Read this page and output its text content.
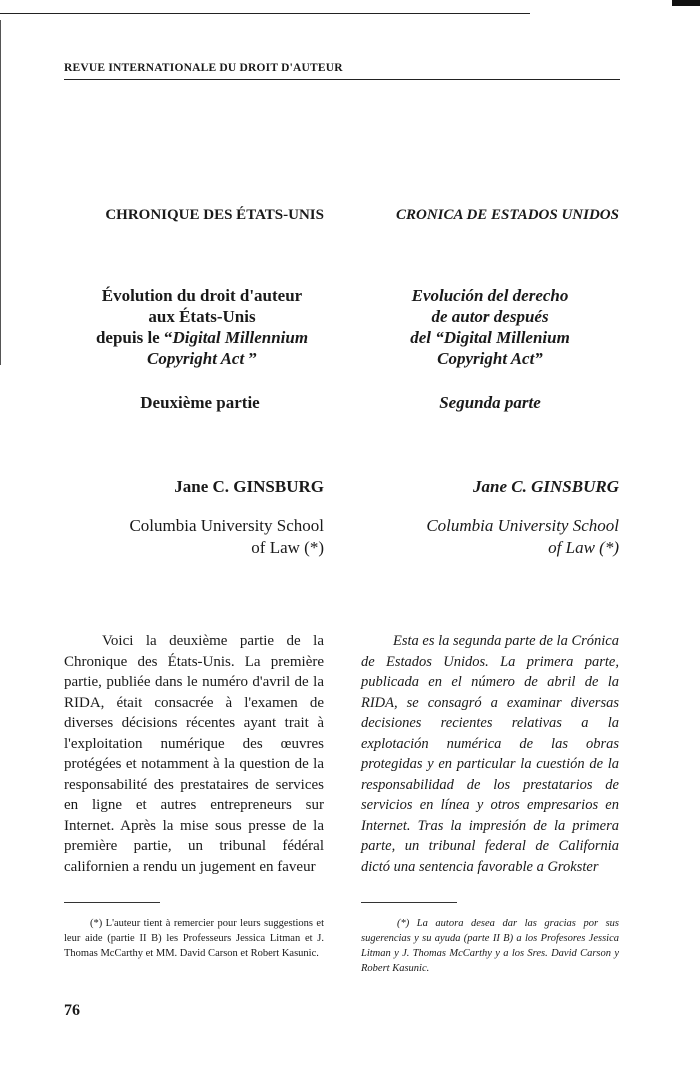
REVUE INTERNATIONALE DU DROIT D'AUTEUR
CHRONIQUE DES ÉTATS-UNIS
Évolution du droit d'auteur
aux États-Unis
depuis le “Digital Millennium
Copyright Act ”
Deuxième partie
Jane C. GINSBURG
Columbia University School
of Law (*)
Voici la deuxième partie de la Chronique des États-Unis. La première partie, publiée dans le numéro d'avril de la RIDA, était consacrée à l'examen de diverses décisions récentes ayant trait à l'exploitation numérique des œuvres protégées et notamment à la question de la responsabilité des prestataires de services en ligne et autres entrepreneurs sur Internet. Après la mise sous presse de la première partie, un tribunal fédéral californien a rendu un jugement en faveur
(*) L'auteur tient à remercier pour leurs suggestions et leur aide (partie II B) les Professeurs Jessica Litman et J. Thomas McCarthy et MM. David Carson et Robert Kasunic.
CRONICA DE ESTADOS UNIDOS
Evolución del derecho
de autor después
del “Digital Millenium
Copyright Act”
Segunda parte
Jane C. GINSBURG
Columbia University School
of Law (*)
Esta es la segunda parte de la Crónica de Estados Unidos. La primera parte, publicada en el número de abril de la RIDA, se consagró a examinar diversas decisiones recientes relativas a la explotación numérica de las obras protegidas y en particular la cuestión de la responsabilidad de los prestatarios de servicios en línea y otros empresarios en Internet. Tras la impresión de la primera parte, un tribunal federal de California dictó una sentencia favorable a Grokster
(*) La autora desea dar las gracias por sus sugerencias y su ayuda (parte II B) a los Profesores Jessica Litman y J. Thomas McCarthy y a los Sres. David Carson y Robert Kasunic.
76
